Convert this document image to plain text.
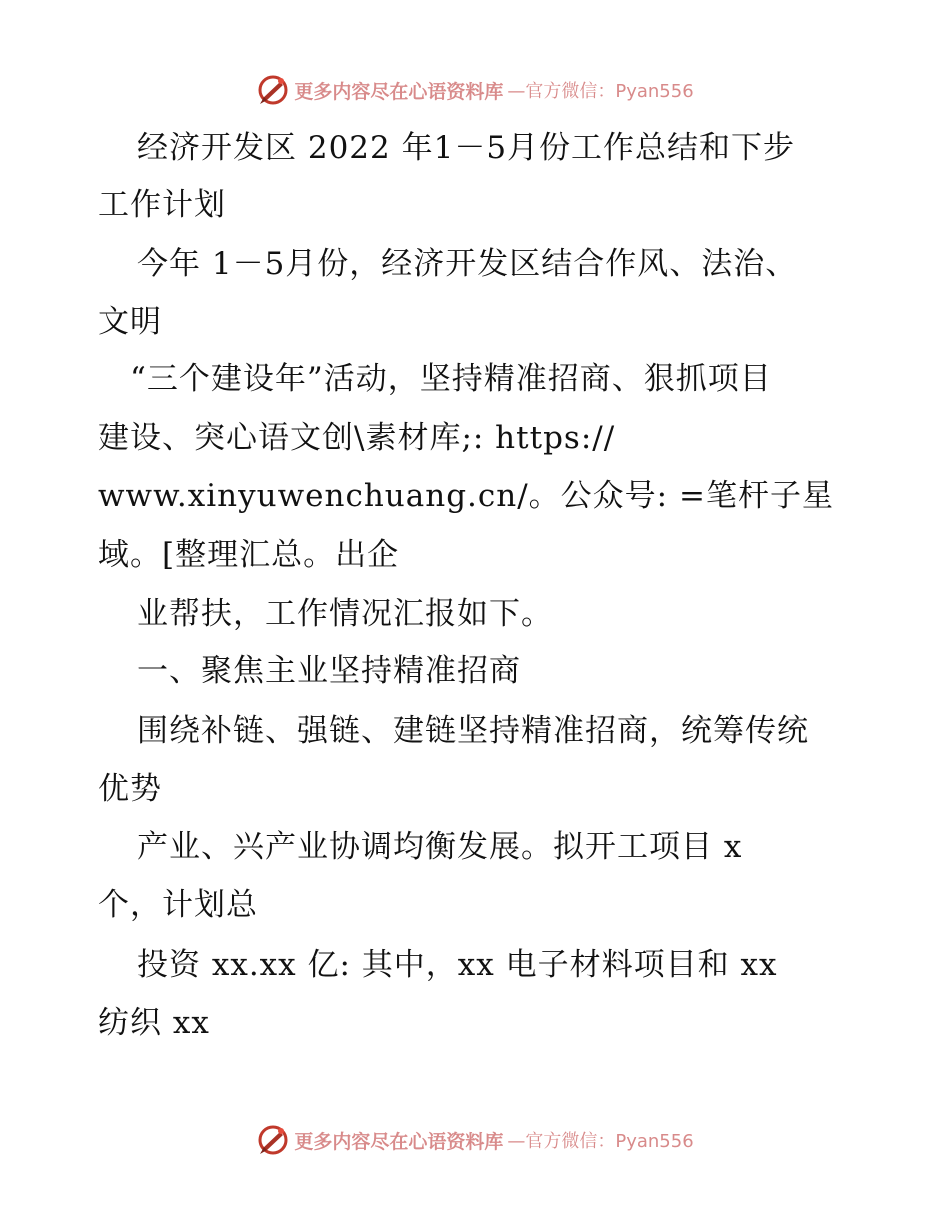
更多内容尽在心语资料库 —官方微信：Pyan556
经济开发区 2022 年1－5月份工作总结和下步
工作计划
今年 1－5月份，经济开发区结合作风、法治、
文明
“三个建设年”活动，坚持精准招商、狠抓项目
建设、突心语文创\素材库;: https://
www.xinyuwenchuang.cn/。公众号: =笔杆子星
域。[整理汇总。出企
业帮扶，工作情况汇报如下。
一、聚焦主业坚持精准招商
围绕补链、强链、建链坚持精准招商，统筹传统
优势
产业、兴产业协调均衡发展。拟开工项目 x
个，计划总
投资 xx.xx 亿: 其中，xx 电子材料项目和 xx
纺织 xx
更多内容尽在心语资料库 —官方微信：Pyan556
